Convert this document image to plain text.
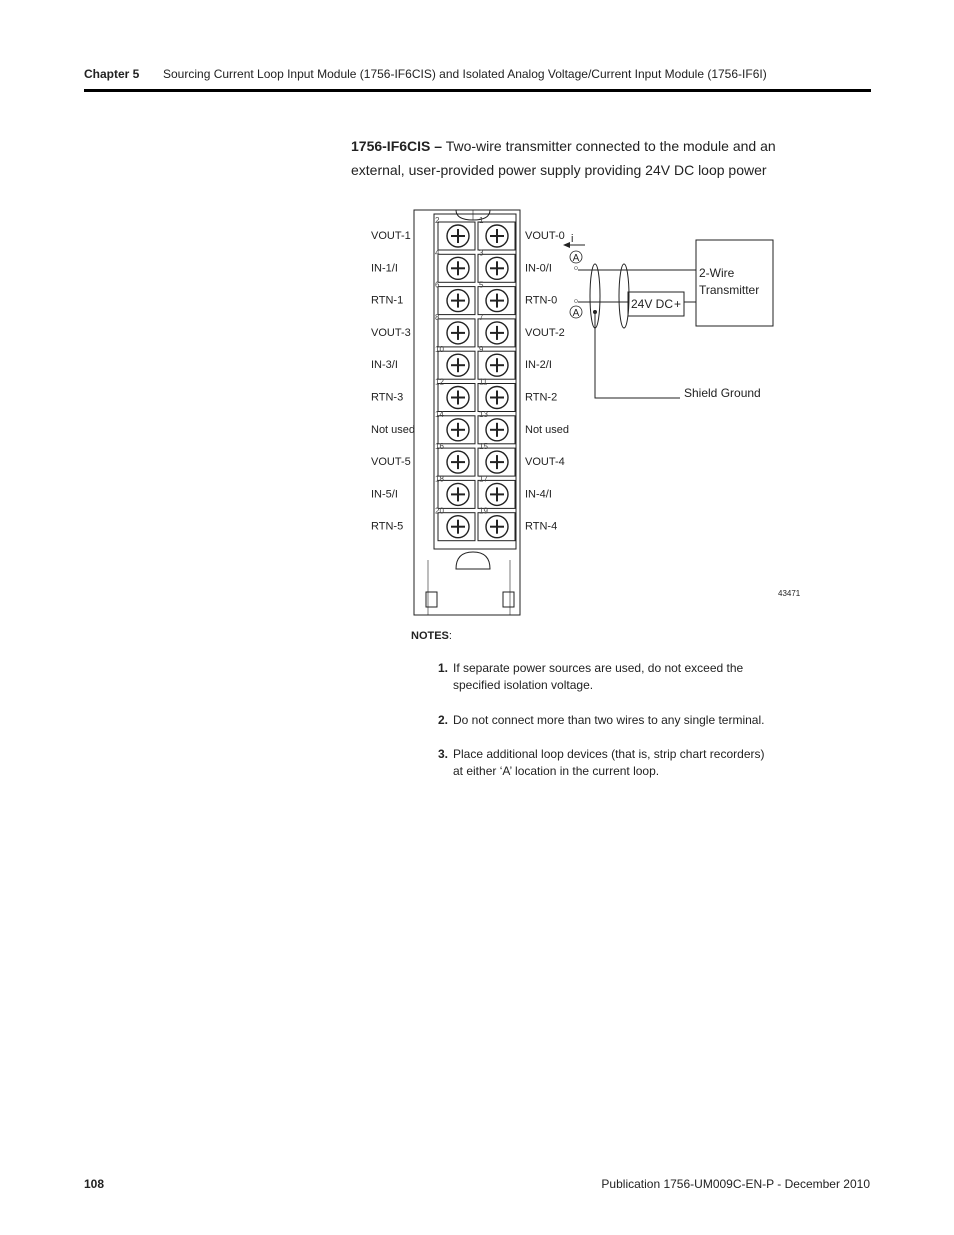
Chapter 5 Sourcing Current Loop Input Module (1756-IF6CIS) and Isolated Analog Voltage/Current Input Module (1756-IF6I)

1756-IF6CIS – Two-wire transmitter connected to the module and an external, user-provided power supply providing 24V DC loop power

2	1
4	3
6	5
8	7
10	9
12	11
14	13
16	15
18	17
20	19
VOUT-1	VOUT-0
IN-1/I	IN-0/I
RTN-1	RTN-0
VOUT-3	VOUT-2
IN-3/I	IN-2/I
RTN-3	RTN-2
Not used	Not used
VOUT-5	VOUT-4
IN-5/I	IN-4/I
RTN-5	RTN-4
i
A
A
Shield Ground
24V DC+
2-Wire
Transmitter
43471
NOTES:
1. If separate power sources are used, do not exceed the specified isolation voltage.
2. Do not connect more than two wires to any single terminal.
3. Place additional loop devices (that is, strip chart recorders) at either ‘A’ location in the current loop.
108	Publication 1756-UM009C-EN-P - December 2010
